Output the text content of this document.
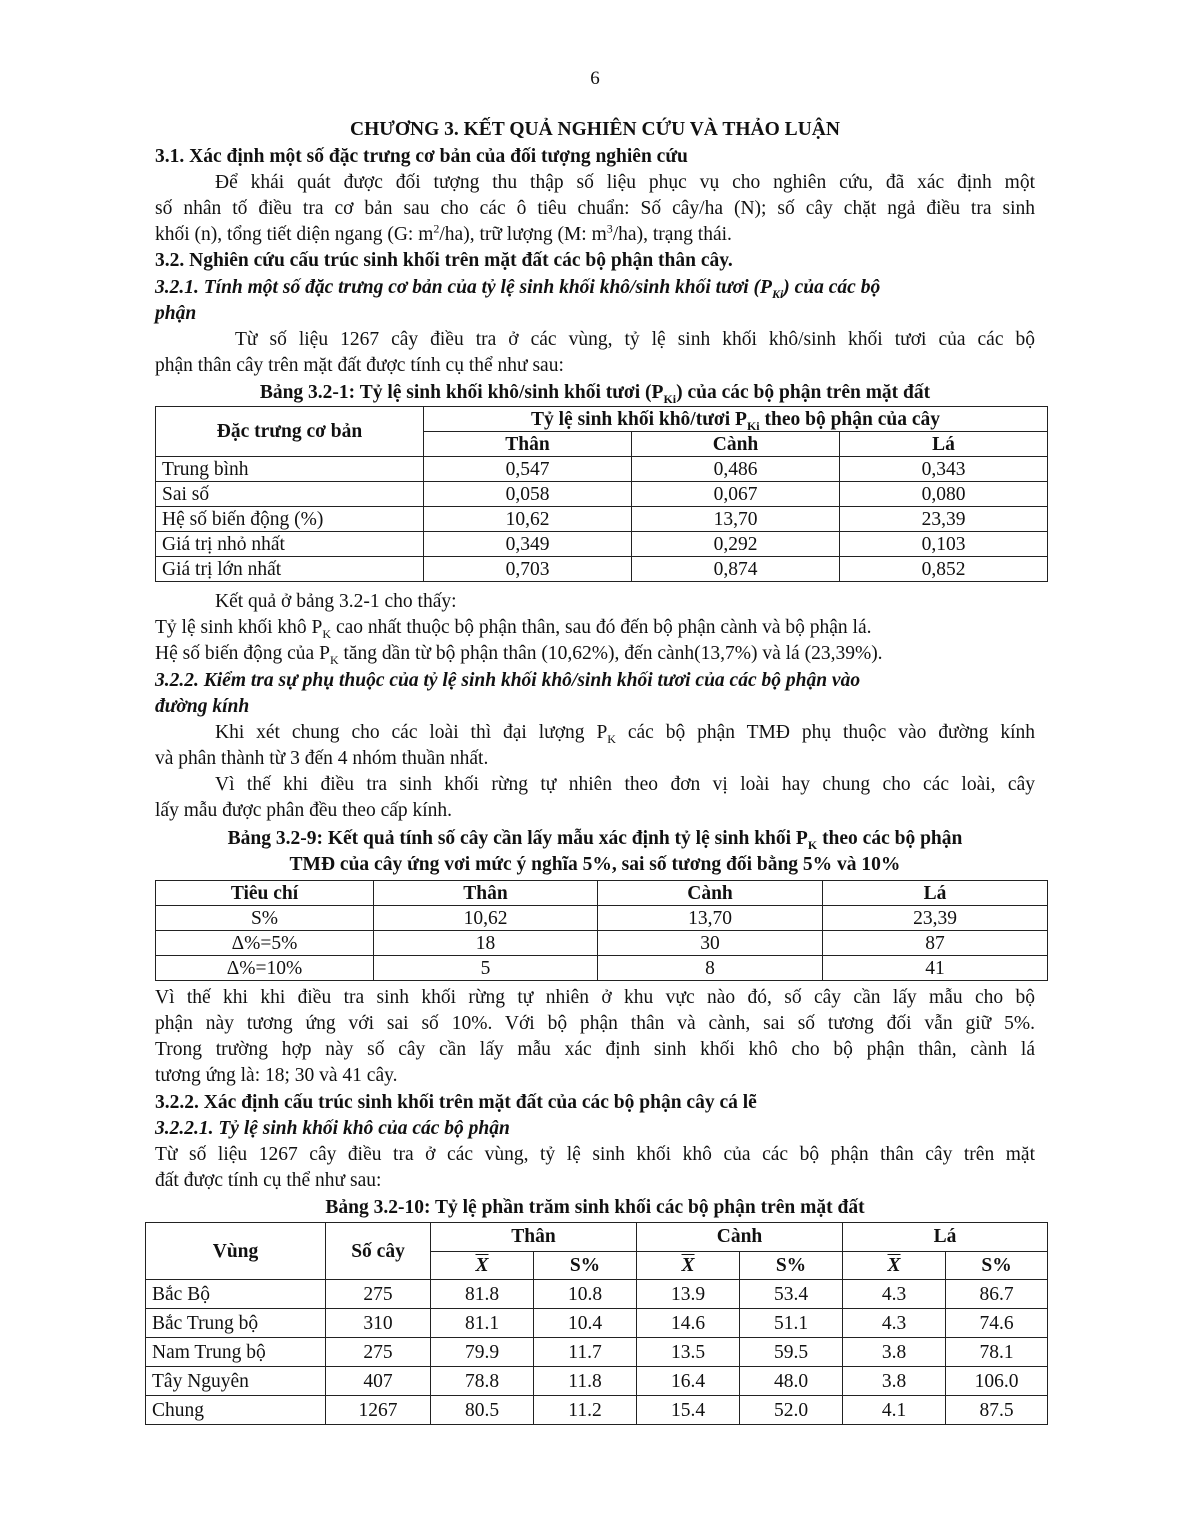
6
CHƯƠNG 3. KẾT QUẢ NGHIÊN CỨU VÀ THẢO LUẬN
3.1. Xác định một số đặc trưng cơ bản của đối tượng nghiên cứu
Để khái quát được đối tượng thu thập số liệu phục vụ cho nghiên cứu, đã xác định một
số nhân tố điều tra cơ bản sau cho các ô tiêu chuẩn: Số cây/ha (N); số cây chặt ngả điều tra sinh
khối (n), tổng tiết diện ngang (G: $m^2/ha$), trữ lượng (M: $m^3/ha$), trạng thái.
3.2. Nghiên cứu cấu trúc sinh khối trên mặt đất các bộ phận thân cây.
3.2.1. Tính một số đặc trưng cơ bản của tỷ lệ sinh khối khô/sinh khối tươi $(P_{Ki})$ của các bộ
phận
Từ số liệu 1267 cây điều tra ở các vùng, tỷ lệ sinh khối khô/sinh khối tươi của các bộ
phận thân cây trên mặt đất được tính cụ thể như sau:
Bảng 3.2-1: Tỷ lệ sinh khối khô/sinh khối tươi $(P_{Ki})$ của các bộ phận trên mặt đất
Đặc trưng cơ bản	Tỷ lệ sinh khối khô/tươi $P_{Ki}$ theo bộ phận của cây		
	Thân	Cành	Lá
Trung bình	0,547	0,486	0,343
Sai số	0,058	0,067	0,080
Hệ số biến động (%)	10,62	13,70	23,39
Giá trị nhỏ nhất	0,349	0,292	0,103
Giá trị lớn nhất	0,703	0,874	0,852
Kết quả ở bảng 3.2-1 cho thấy:
Tỷ lệ sinh khối khô $P_K$ cao nhất thuộc bộ phận thân, sau đó đến bộ phận cành và bộ phận lá.
Hệ số biến động của $P_K$ tăng dần từ bộ phận thân (10,62%), đến cành(13,7%) và lá (23,39%).
3.2.2. Kiểm tra sự phụ thuộc của tỷ lệ sinh khối khô/sinh khối tươi của các bộ phận vào
đường kính
Khi xét chung cho các loài thì đại lượng $P_K$ các bộ phận TMĐ phụ thuộc vào đường kính
và phân thành từ 3 đến 4 nhóm thuần nhất.
Vì thế khi điều tra sinh khối rừng tự nhiên theo đơn vị loài hay chung cho các loài, cây
lấy mẫu được phân đều theo cấp kính.
Bảng 3.2-9: Kết quả tính số cây cần lấy mẫu xác định tỷ lệ sinh khối $P_K$ theo các bộ phận
TMĐ của cây ứng vơi mức ý nghĩa 5%, sai số tương đối bằng 5% và 10%
Tiêu chí	Thân	Cành	Lá
S%	10,62	13,70	23,39
Δ%=5%	18	30	87
Δ%=10%	5	8	41
Vì thế khi khi điều tra sinh khối rừng tự nhiên ở khu vực nào đó, số cây cần lấy mẫu cho bộ
phận này tương ứng với sai số 10%. Với bộ phận thân và cành, sai số tương đối vẫn giữ 5%.
Trong trường hợp này số cây cần lấy mẫu xác định sinh khối khô cho bộ phận thân, cành lá
tương ứng là: 18; 30 và 41 cây.
3.2.2. Xác định cấu trúc sinh khối trên mặt đất của các bộ phận cây cá lẽ
3.2.2.1. Tỷ lệ sinh khối khô của các bộ phận
Từ số liệu 1267 cây điều tra ở các vùng, tỷ lệ sinh khối khô của các bộ phận thân cây trên mặt
đất được tính cụ thể như sau:
Bảng 3.2-10: Tỷ lệ phần trăm sinh khối các bộ phận trên mặt đất
Vùng	Số cây	Thân		Cành		Lá	
		$\overline{X}$	S%	$\overline{X}$	S%	$\overline{X}$	S%
Bắc Bộ	275	81.8	10.8	13.9	53.4	4.3	86.7
Bắc Trung bộ	310	81.1	10.4	14.6	51.1	4.3	74.6
Nam Trung bộ	275	79.9	11.7	13.5	59.5	3.8	78.1
Tây Nguyên	407	78.8	11.8	16.4	48.0	3.8	106.0
Chung	1267	80.5	11.2	15.4	52.0	4.1	87.5
